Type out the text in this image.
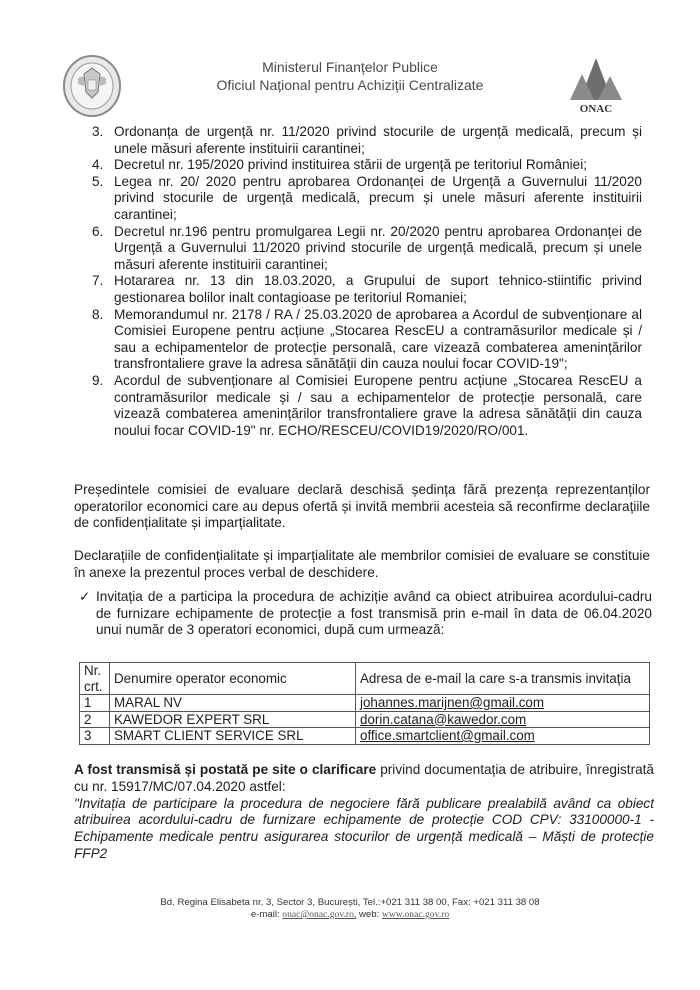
Ministerul Finanțelor Publice
Oficiul Național pentru Achiziții Centralizate
ONAC
3. Ordonanța de urgență nr. 11/2020 privind stocurile de urgență medicală, precum și unele măsuri aferente instituirii carantinei;
4. Decretul nr. 195/2020 privind instituirea stării de urgență pe teritoriul României;
5. Legea nr. 20/ 2020 pentru aprobarea Ordonanței de Urgență a Guvernului 11/2020 privind stocurile de urgență medicală, precum și unele măsuri aferente instituirii carantinei;
6. Decretul nr.196 pentru promulgarea Legii nr. 20/2020 pentru aprobarea Ordonanței de Urgență a Guvernului 11/2020 privind stocurile de urgență medicală, precum și unele măsuri aferente instituirii carantinei;
7. Hotararea nr. 13 din 18.03.2020, a Grupului de suport tehnico-stiintific privind gestionarea bolilor inalt contagioase pe teritoriul Romaniei;
8. Memorandumul nr. 2178 / RA / 25.03.2020 de aprobarea a Acordul de subvenționare al Comisiei Europene pentru acțiune „Stocarea RescEU a contramăsurilor medicale și / sau a echipamentelor de protecție personală, care vizează combaterea amenințărilor transfrontaliere grave la adresa sănătății din cauza noului focar COVID-19";
9. Acordul de subvenționare al Comisiei Europene pentru acțiune „Stocarea RescEU a contramăsurilor medicale și / sau a echipamentelor de protecție personală, care vizează combaterea amenințărilor transfrontaliere grave la adresa sănătății din cauza noului focar COVID-19" nr. ECHO/RESCEU/COVID19/2020/RO/001.
Președintele comisiei de evaluare declară deschisă ședința fără prezența reprezentanților operatorilor economici care au depus ofertă și invită membrii acesteia să reconfirme declarațiile de confidențialitate și imparțialitate.
Declarațiile de confidențialitate și imparțialitate ale membrilor comisiei de evaluare se constituie în anexe la prezentul proces verbal de deschidere.
✓ Invitația de a participa la procedura de achiziție având ca obiect atribuirea acordului-cadru de furnizare echipamente de protecție a fost transmisă prin e-mail în data de 06.04.2020 unui număr de 3 operatori economici, după cum urmează:
Nr. crt.	Denumire operator economic	Adresa de e-mail la care s-a transmis invitația
1	MARAL NV	johannes.marijnen@gmail.com
2	KAWEDOR EXPERT SRL	dorin.catana@kawedor.com
3	SMART CLIENT SERVICE SRL	office.smartclient@gmail.com
A fost transmisă și postată pe site o clarificare privind documentația de atribuire, înregistrată cu nr. 15917/MC/07.04.2020 astfel:
"Invitația de participare la procedura de negociere fără publicare prealabilă având ca obiect atribuirea acordului-cadru de furnizare echipamente de protecție COD CPV: 33100000-1 - Echipamente medicale pentru asigurarea stocurilor de urgență medicală – Măști de protecție FFP2
Bd. Regina Elisabeta nr. 3, Sector 3, București, Tel.:+021 311 38 00, Fax: +021 311 38 08
e-mail: onac@onac.gov.ro, web: www.onac.gov.ro
